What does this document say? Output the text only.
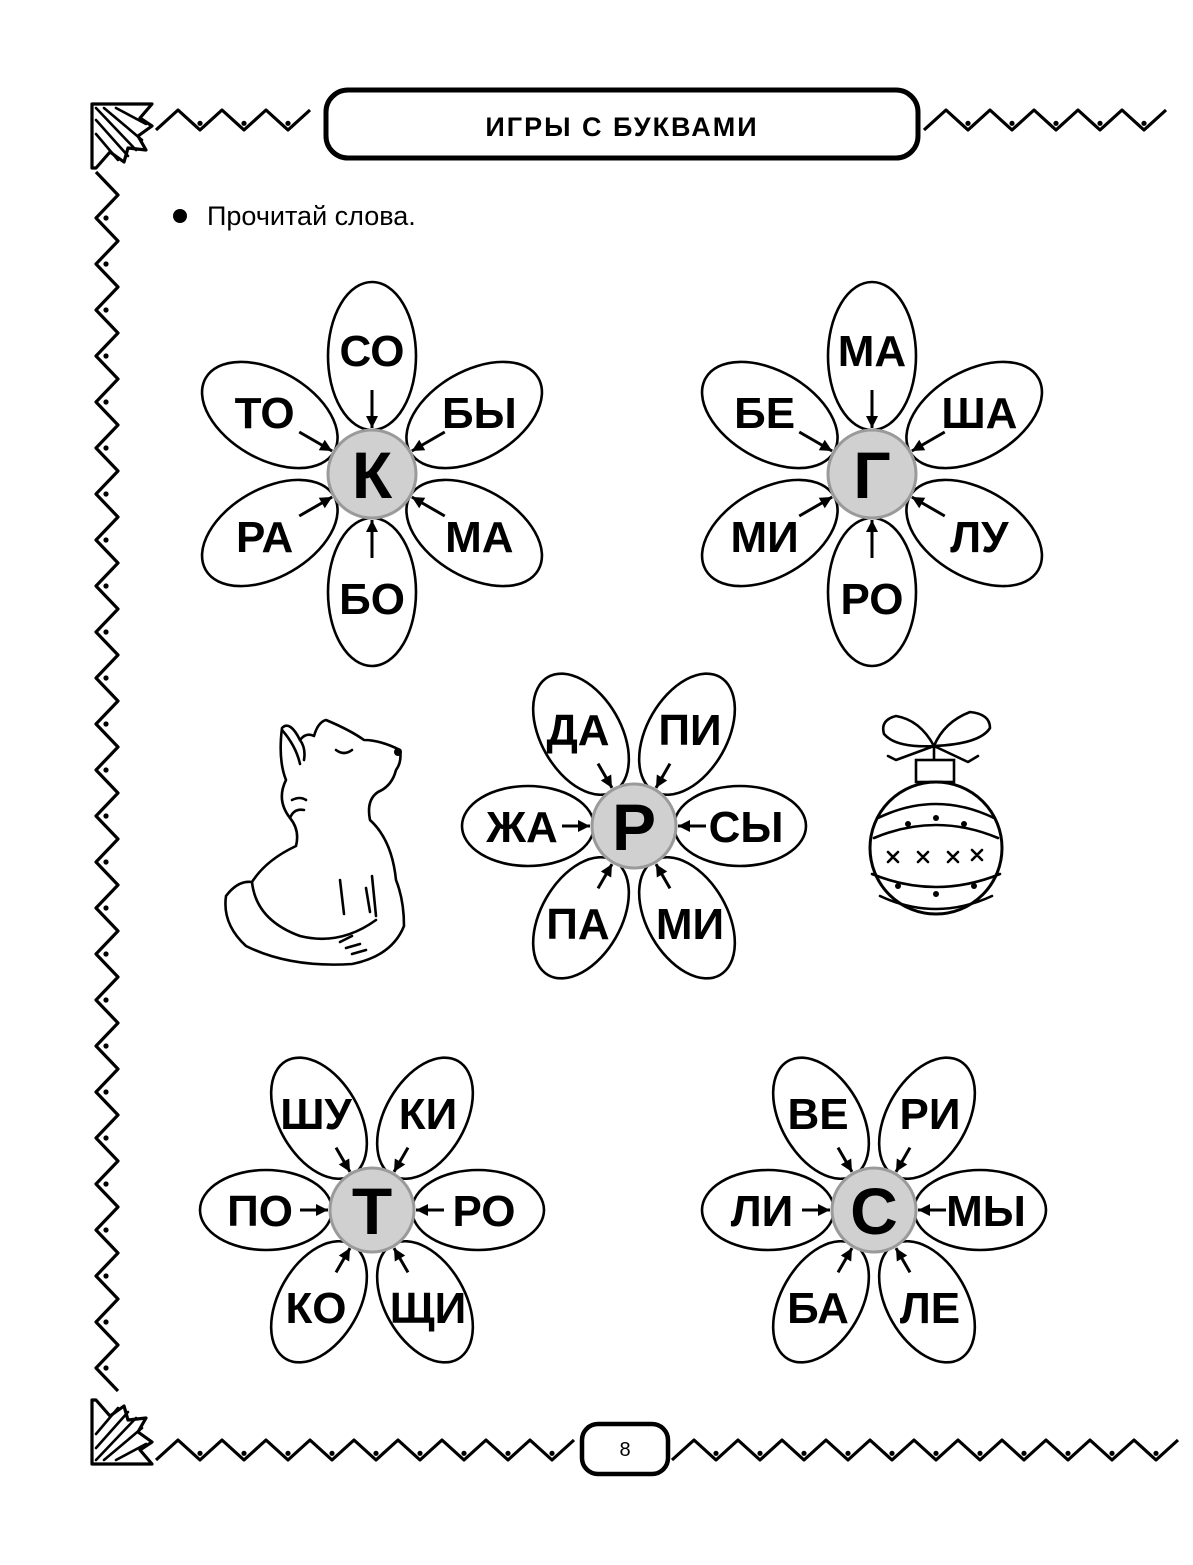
ИГРЫ С БУКВАМИ
Прочитай слова.
К
СО
БЫ
МА
БО
РА
ТО
Г
МА
ША
ЛУ
РО
МИ
БЕ
Р
ПИ
СЫ
МИ
ПА
ЖА
ДА
Т
КИ
РО
ЩИ
КО
ПО
ШУ
С
РИ
МЫ
ЛЕ
БА
ЛИ
ВЕ
8
